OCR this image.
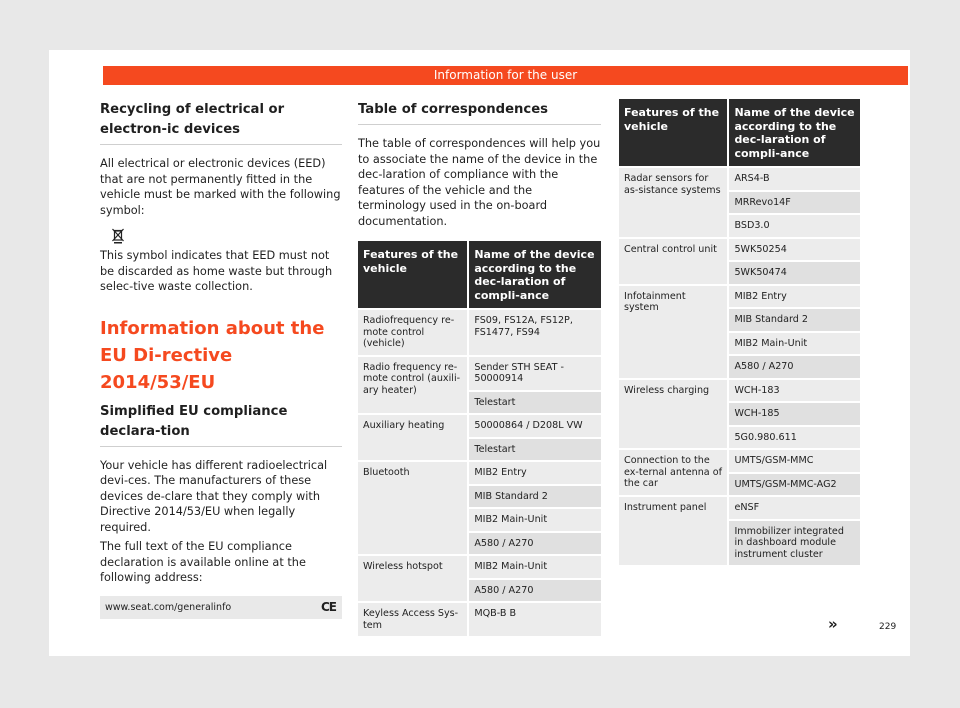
Information for the user
Recycling of electrical or electron-ic devices

All electrical or electronic devices (EED) that are not permanently fitted in the vehicle must be marked with the following symbol:

This symbol indicates that EED must not be discarded as home waste but through selec-tive waste collection.

Information about the EU Di-rective 2014/53/EU
Simplified EU compliance declara-tion

Your vehicle has different radioelectrical devi-ces. The manufacturers of these devices de-clare that they comply with Directive 2014/53/EU when legally required.

The full text of the EU compliance declaration is available online at the following address:

www.seat.com/generalinfo	CE
Table of correspondences

The table of correspondences will help you to associate the name of the device in the dec-laration of compliance with the features of the vehicle and the terminology used in the on-board documentation.

Features of the vehicle	Name of the device according to the dec-laration of compli-ance
Radiofrequency re-mote control (vehicle)	FS09, FS12A, FS12P, FS1477, FS94
Radio frequency re-mote control (auxili-ary heater)	Sender STH SEAT - 50000914
	Telestart
Auxiliary heating	50000864 / D208L VW
	Telestart
Bluetooth	MIB2 Entry
	MIB Standard 2
	MIB2 Main-Unit
	A580 / A270
Wireless hotspot	MIB2 Main-Unit
	A580 / A270
Keyless Access Sys-tem	MQB-B B
Features of the vehicle	Name of the device according to the dec-laration of compli-ance
Radar sensors for as-sistance systems	ARS4-B
	MRRevo14F
	BSD3.0
Central control unit	5WK50254
	5WK50474
Infotainment system	MIB2 Entry
	MIB Standard 2
	MIB2 Main-Unit
	A580 / A270
Wireless charging	WCH-183
	WCH-185
	5G0.980.611
Connection to the ex-ternal antenna of the car	UMTS/GSM-MMC
	UMTS/GSM-MMC-AG2
Instrument panel	eNSF
	Immobilizer integrated in dashboard module instrument cluster
»	229
